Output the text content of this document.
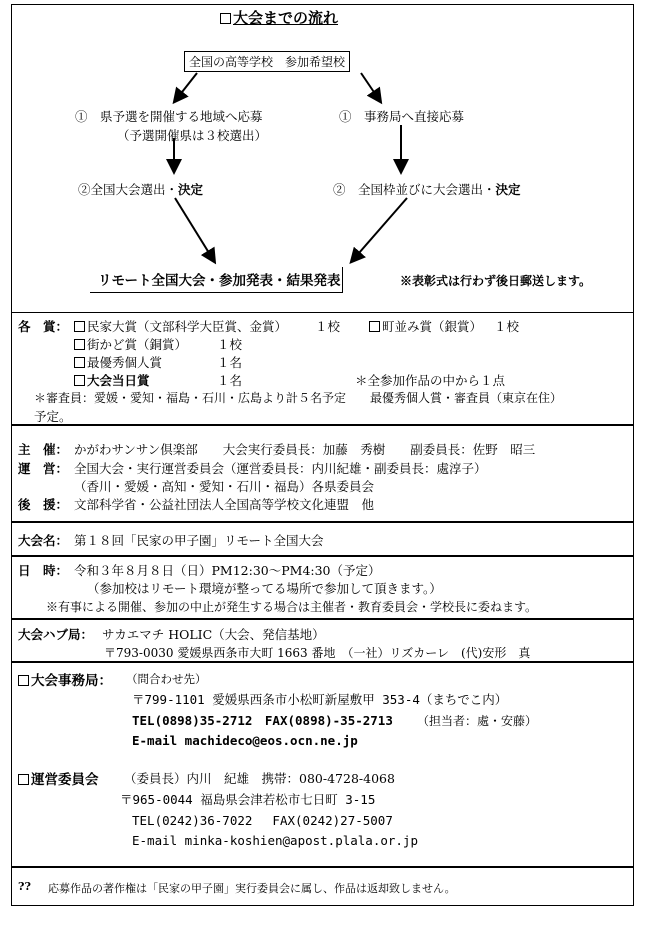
大会までの流れ
全国の高等学校　参加希望校
①　県予選を開催する地域へ応募
（予選開催県は３校選出）
①　事務局へ直接応募
②全国大会選出・決定	②　全国枠並びに大会選出・決定
リモート全国大会・参加発表・結果発表	※表彰式は行わず後日郵送します。
各　賞：	民家大賞（文部科学大臣賞、金賞） １校	町並み賞（銀賞） １校
街かど賞（銅賞） １校
最優秀個人賞	１名
大会当日賞	１名	＊全参加作品の中から１点
＊審査員：愛媛・愛知・福島・石川・広島より計５名予定　　最優秀個人賞・審査員（東京在住）
予定。
主　催： かがわサンサン倶楽部　　大会実行委員長：加藤　秀樹　　副委員長：佐野　昭三
運　営： 全国大会・実行運営委員会（運営委員長：内川紀雄・副委員長：處淳子）
（香川・愛媛・高知・愛知・石川・福島）各県委員会
後　援： 文部科学省・公益社団法人全国高等学校文化連盟　他
大会名： 第１８回「民家の甲子園」リモート全国大会
日　時： 令和３年８月８日（日）PM12:30～PM4:30（予定）
（参加校はリモート環境が整ってる場所で参加して頂きます。）
※有事による開催、参加の中止が発生する場合は主催者・教育委員会・学校長に委ねます。
大会ハブ局： サカエマチ HOLIC（大会、発信基地）
〒793-0030 愛媛県西条市大町 1663 番地　（一社）リズカーレ　(代)安形　真
大会事務局： （問合わせ先）
〒799-1101 愛媛県西条市小松町新屋敷甲 353-4（まちでこ内）
TEL(0898)35-2712　FAX(0898)-35-2713 （担当者：處・安藤）
E-mail machideco@eos.ocn.ne.jp
運営委員会 （委員長）内川　紀雄　携帯：080-4728-4068
〒965-0044 福島県会津若松市七日町 3-15
TEL(0242)36-7022　 FAX(0242)27-5007
E-mail minka-koshien@apost.plala.or.jp
?? 応募作品の著作権は「民家の甲子園」実行委員会に属し、作品は返却致しません。
